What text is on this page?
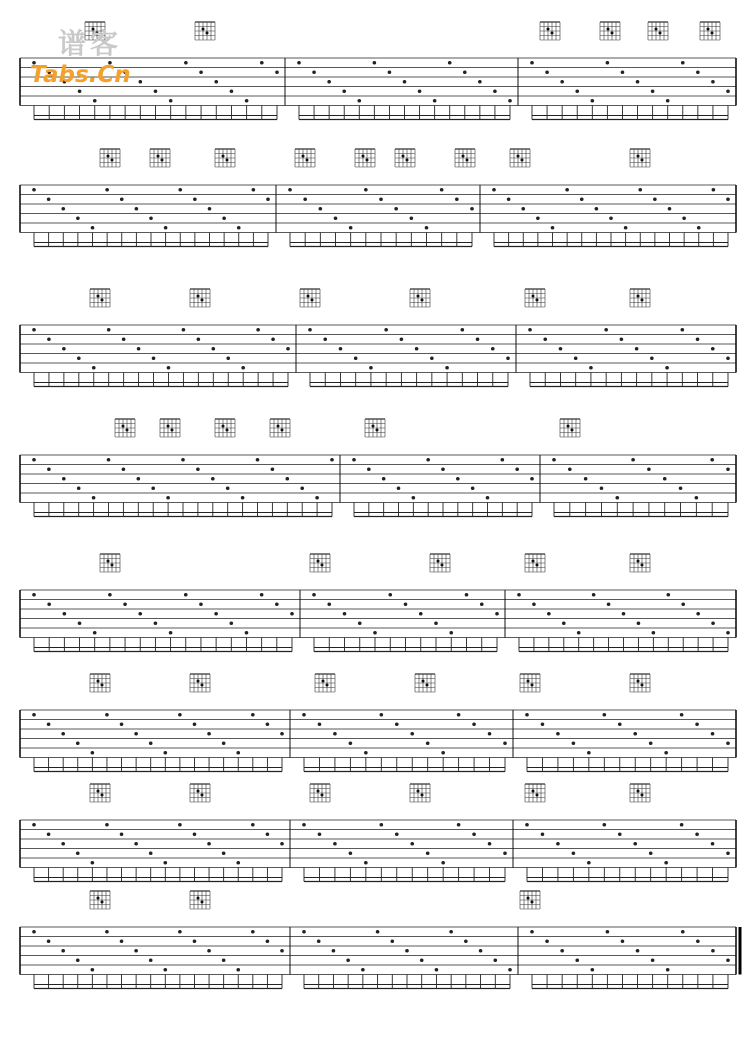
谱客
Tabs.Cn
